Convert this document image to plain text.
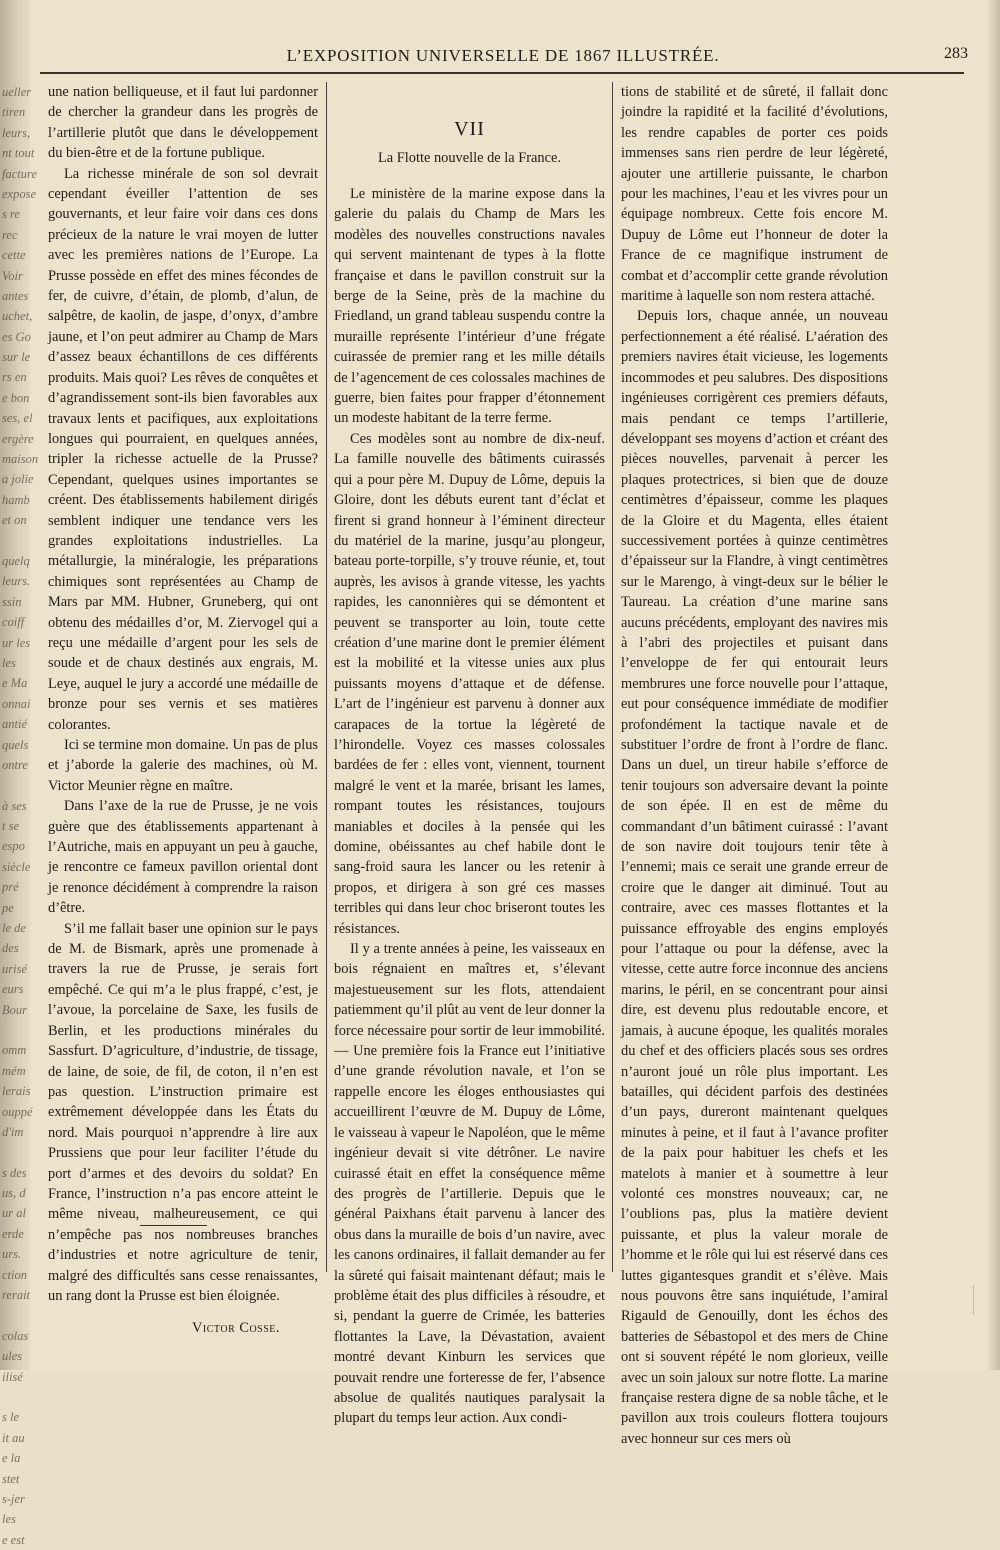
ueller
tiren
leurs,
nt tout
facture
expose
s re
rec
cette
Voir
antes
uchet,
es Go
sur le
rs en
e bon
ses, el
ergère
maison
a jolie
hamb
et on
quelq
leurs.
ssin
coiff
ur les
les
e Ma
onnai
antié
quels
ontre
à ses
t se
espo
siècle
pré
pe
le de
des
urisé
eurs
Bour
omm
mém
lerais
ouppé
d'im
s des
us, d
ur al
erde
urs.
ction
rerait
colas
ules
ilisé
s le
it au
e la
stet
s-jer
les
e est
L’EXPOSITION UNIVERSELLE DE 1867 ILLUSTRÉE.	283

une nation belliqueuse, et il faut lui pardonner de chercher la grandeur dans les progrès de l’artillerie plutôt que dans le développement du bien-être et de la fortune publique.

La richesse minérale de son sol devrait cependant éveiller l’attention de ses gouvernants, et leur faire voir dans ces dons précieux de la nature le vrai moyen de lutter avec les premières nations de l’Europe. La Prusse possède en effet des mines fécondes de fer, de cuivre, d’étain, de plomb, d’alun, de salpêtre, de kaolin, de jaspe, d’onyx, d’ambre jaune, et l’on peut admirer au Champ de Mars d’assez beaux échantillons de ces différents produits. Mais quoi? Les rêves de conquêtes et d’agrandissement sont-ils bien favorables aux travaux lents et pacifiques, aux exploitations longues qui pourraient, en quelques années, tripler la richesse actuelle de la Prusse? Cependant, quelques usines importantes se créent. Des établissements habilement dirigés semblent indiquer une tendance vers les grandes exploitations industrielles. La métallurgie, la minéralogie, les préparations chimiques sont représentées au Champ de Mars par MM. Hubner, Gruneberg, qui ont obtenu des médailles d’or, M. Ziervogel qui a reçu une médaille d’argent pour les sels de soude et de chaux destinés aux engrais, M. Leye, auquel le jury a accordé une médaille de bronze pour ses vernis et ses matières colorantes.

Ici se termine mon domaine. Un pas de plus et j’aborde la galerie des machines, où M. Victor Meunier règne en maître.

Dans l’axe de la rue de Prusse, je ne vois guère que des établissements appartenant à l’Autriche, mais en appuyant un peu à gauche, je rencontre ce fameux pavillon oriental dont je renonce décidément à comprendre la raison d’être.

S’il me fallait baser une opinion sur le pays de M. de Bismark, après une promenade à travers la rue de Prusse, je serais fort empêché. Ce qui m’a le plus frappé, c’est, je l’avoue, la porcelaine de Saxe, les fusils de Berlin, et les productions minérales du Sassfurt. D’agriculture, d’industrie, de tissage, de laine, de soie, de fil, de coton, il n’en est pas question. L’instruction primaire est extrêmement développée dans les États du nord. Mais pourquoi n’apprendre à lire aux Prussiens que pour leur faciliter l’étude du port d’armes et des devoirs du soldat? En France, l’instruction n’a pas encore atteint le même niveau, malheureusement, ce qui n’empêche pas nos nombreuses branches d’industries et notre agriculture de tenir, malgré des difficultés sans cesse renaissantes, un rang dont la Prusse est bien éloignée.

Victor Cosse.
VII
La Flotte nouvelle de la France.

Le ministère de la marine expose dans la galerie du palais du Champ de Mars les modèles des nouvelles constructions navales qui servent maintenant de types à la flotte française et dans le pavillon construit sur la berge de la Seine, près de la machine du Friedland, un grand tableau suspendu contre la muraille représente l’intérieur d’une frégate cuirassée de premier rang et les mille détails de l’agencement de ces colossales machines de guerre, bien faites pour frapper d’étonnement un modeste habitant de la terre ferme.

Ces modèles sont au nombre de dix-neuf. La famille nouvelle des bâtiments cuirassés qui a pour père M. Dupuy de Lôme, depuis la Gloire, dont les débuts eurent tant d’éclat et firent si grand honneur à l’éminent directeur du matériel de la marine, jusqu’au plongeur, bateau porte-torpille, s’y trouve réunie, et, tout auprès, les avisos à grande vitesse, les yachts rapides, les canonnières qui se démontent et peuvent se transporter au loin, toute cette création d’une marine dont le premier élément est la mobilité et la vitesse unies aux plus puissants moyens d’attaque et de défense. L’art de l’ingénieur est parvenu à donner aux carapaces de la tortue la légèreté de l’hirondelle. Voyez ces masses colossales bardées de fer : elles vont, viennent, tournent malgré le vent et la marée, brisant les lames, rompant toutes les résistances, toujours maniables et dociles à la pensée qui les domine, obéissantes au chef habile dont le sang-froid saura les lancer ou les retenir à propos, et dirigera à son gré ces masses terribles qui dans leur choc briseront toutes les résistances.

Il y a trente années à peine, les vaisseaux en bois régnaient en maîtres et, s’élevant majestueusement sur les flots, attendaient patiemment qu’il plût au vent de leur donner la force nécessaire pour sortir de leur immobilité. — Une première fois la France eut l’initiative d’une grande révolution navale, et l’on se rappelle encore les éloges enthousiastes qui accueillirent l’œuvre de M. Dupuy de Lôme, le vaisseau à vapeur le Napoléon, que le même ingénieur devait si vite détrôner. Le navire cuirassé était en effet la conséquence même des progrès de l’artillerie. Depuis que le général Paixhans était parvenu à lancer des obus dans la muraille de bois d’un navire, avec les canons ordinaires, il fallait demander au fer la sûreté qui faisait maintenant défaut; mais le problème était des plus difficiles à résoudre, et si, pendant la guerre de Crimée, les batteries flottantes la Lave, la Dévastation, avaient montré devant Kinburn les services que pouvait rendre une forteresse de fer, l’absence absolue de qualités nautiques paralysait la plupart du temps leur action. Aux condi-

tions de stabilité et de sûreté, il fallait donc joindre la rapidité et la facilité d’évolutions, les rendre capables de porter ces poids immenses sans rien perdre de leur légèreté, ajouter une artillerie puissante, le charbon pour les machines, l’eau et les vivres pour un équipage nombreux. Cette fois encore M. Dupuy de Lôme eut l’honneur de doter la France de ce magnifique instrument de combat et d’accomplir cette grande révolution maritime à laquelle son nom restera attaché.

Depuis lors, chaque année, un nouveau perfectionnement a été réalisé. L’aération des premiers navires était vicieuse, les logements incommodes et peu salubres. Des dispositions ingénieuses corrigèrent ces premiers défauts, mais pendant ce temps l’artillerie, développant ses moyens d’action et créant des pièces nouvelles, parvenait à percer les plaques protectrices, si bien que de douze centimètres d’épaisseur, comme les plaques de la Gloire et du Magenta, elles étaient successivement portées à quinze centimètres d’épaisseur sur la Flandre, à vingt centimètres sur le Marengo, à vingt-deux sur le bélier le Taureau. La création d’une marine sans aucuns précédents, employant des navires mis à l’abri des projectiles et puisant dans l’enveloppe de fer qui entourait leurs membrures une force nouvelle pour l’attaque, eut pour conséquence immédiate de modifier profondément la tactique navale et de substituer l’ordre de front à l’ordre de flanc. Dans un duel, un tireur habile s’efforce de tenir toujours son adversaire devant la pointe de son épée. Il en est de même du commandant d’un bâtiment cuirassé : l’avant de son navire doit toujours tenir tête à l’ennemi; mais ce serait une grande erreur de croire que le danger ait diminué. Tout au contraire, avec ces masses flottantes et la puissance effroyable des engins employés pour l’attaque ou pour la défense, avec la vitesse, cette autre force inconnue des anciens marins, le péril, en se concentrant pour ainsi dire, est devenu plus redoutable encore, et jamais, à aucune époque, les qualités morales du chef et des officiers placés sous ses ordres n’auront joué un rôle plus important. Les batailles, qui décident parfois des destinées d’un pays, dureront maintenant quelques minutes à peine, et il faut à l’avance profiter de la paix pour habituer les chefs et les matelots à manier et à soumettre à leur volonté ces monstres nouveaux; car, ne l’oublions pas, plus la matière devient puissante, et plus la valeur morale de l’homme et le rôle qui lui est réservé dans ces luttes gigantesques grandit et s’élève. Mais nous pouvons être sans inquiétude, l’amiral Rigauld de Genouilly, dont les échos des batteries de Sébastopol et des mers de Chine ont si souvent répété le nom glorieux, veille avec un soin jaloux sur notre flotte. La marine française restera digne de sa noble tâche, et le pavillon aux trois couleurs flottera toujours avec honneur sur ces mers où
